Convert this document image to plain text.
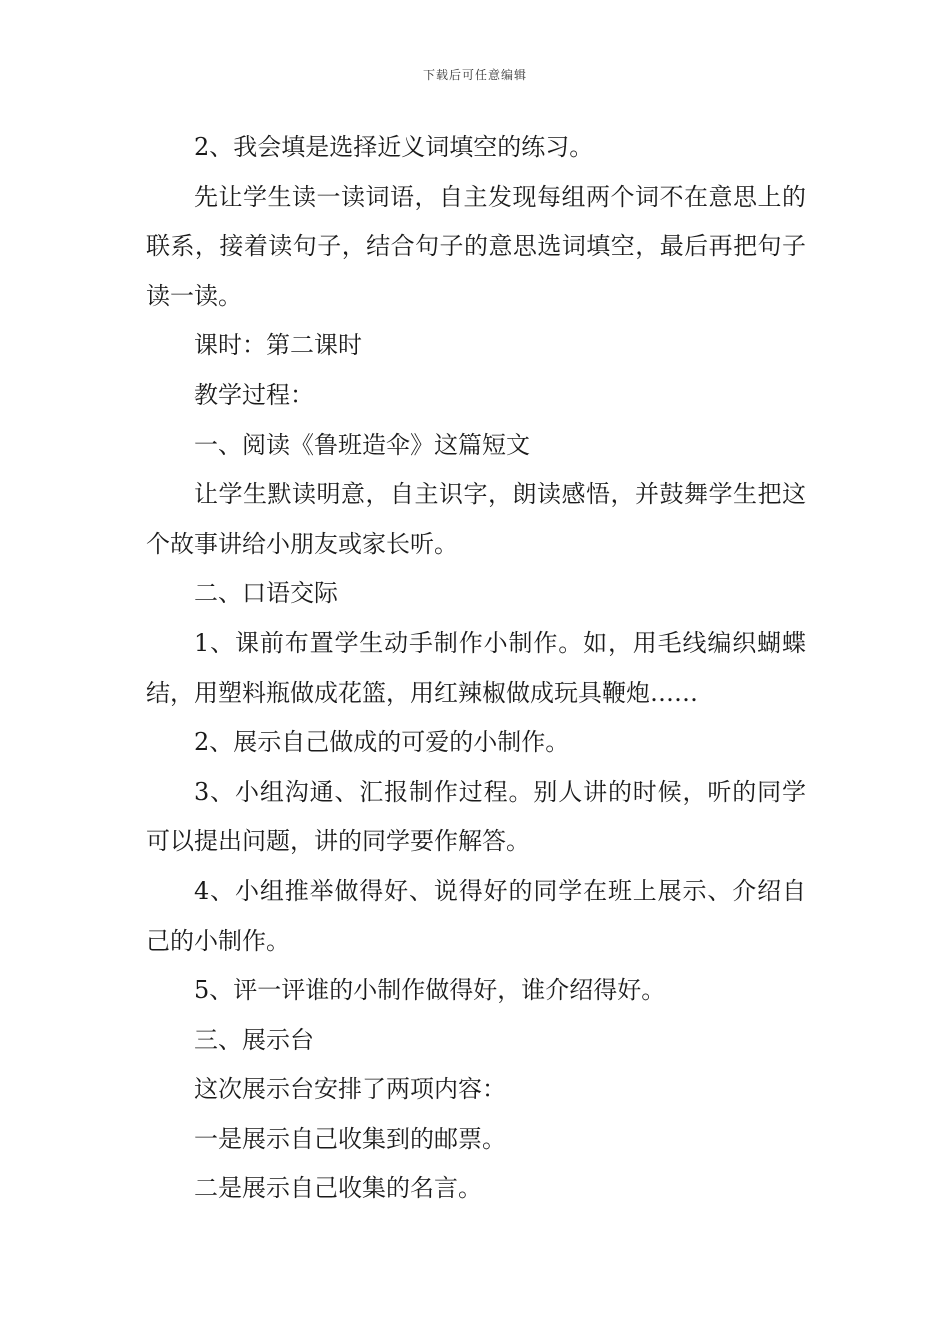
下载后可任意编辑

2、我会填是选择近义词填空的练习。

先让学生读一读词语，自主发现每组两个词不在意思上的联系，接着读句子，结合句子的意思选词填空，最后再把句子读一读。

课时：第二课时

教学过程：

一、阅读《鲁班造伞》这篇短文

让学生默读明意，自主识字，朗读感悟，并鼓舞学生把这个故事讲给小朋友或家长听。

二、口语交际

1、课前布置学生动手制作小制作。如，用毛线编织蝴蝶结，用塑料瓶做成花篮，用红辣椒做成玩具鞭炮……

2、展示自己做成的可爱的小制作。

3、小组沟通、汇报制作过程。别人讲的时候，听的同学可以提出问题，讲的同学要作解答。

4、小组推举做得好、说得好的同学在班上展示、介绍自己的小制作。

5、评一评谁的小制作做得好，谁介绍得好。

三、展示台

这次展示台安排了两项内容：

一是展示自己收集到的邮票。

二是展示自己收集的名言。
